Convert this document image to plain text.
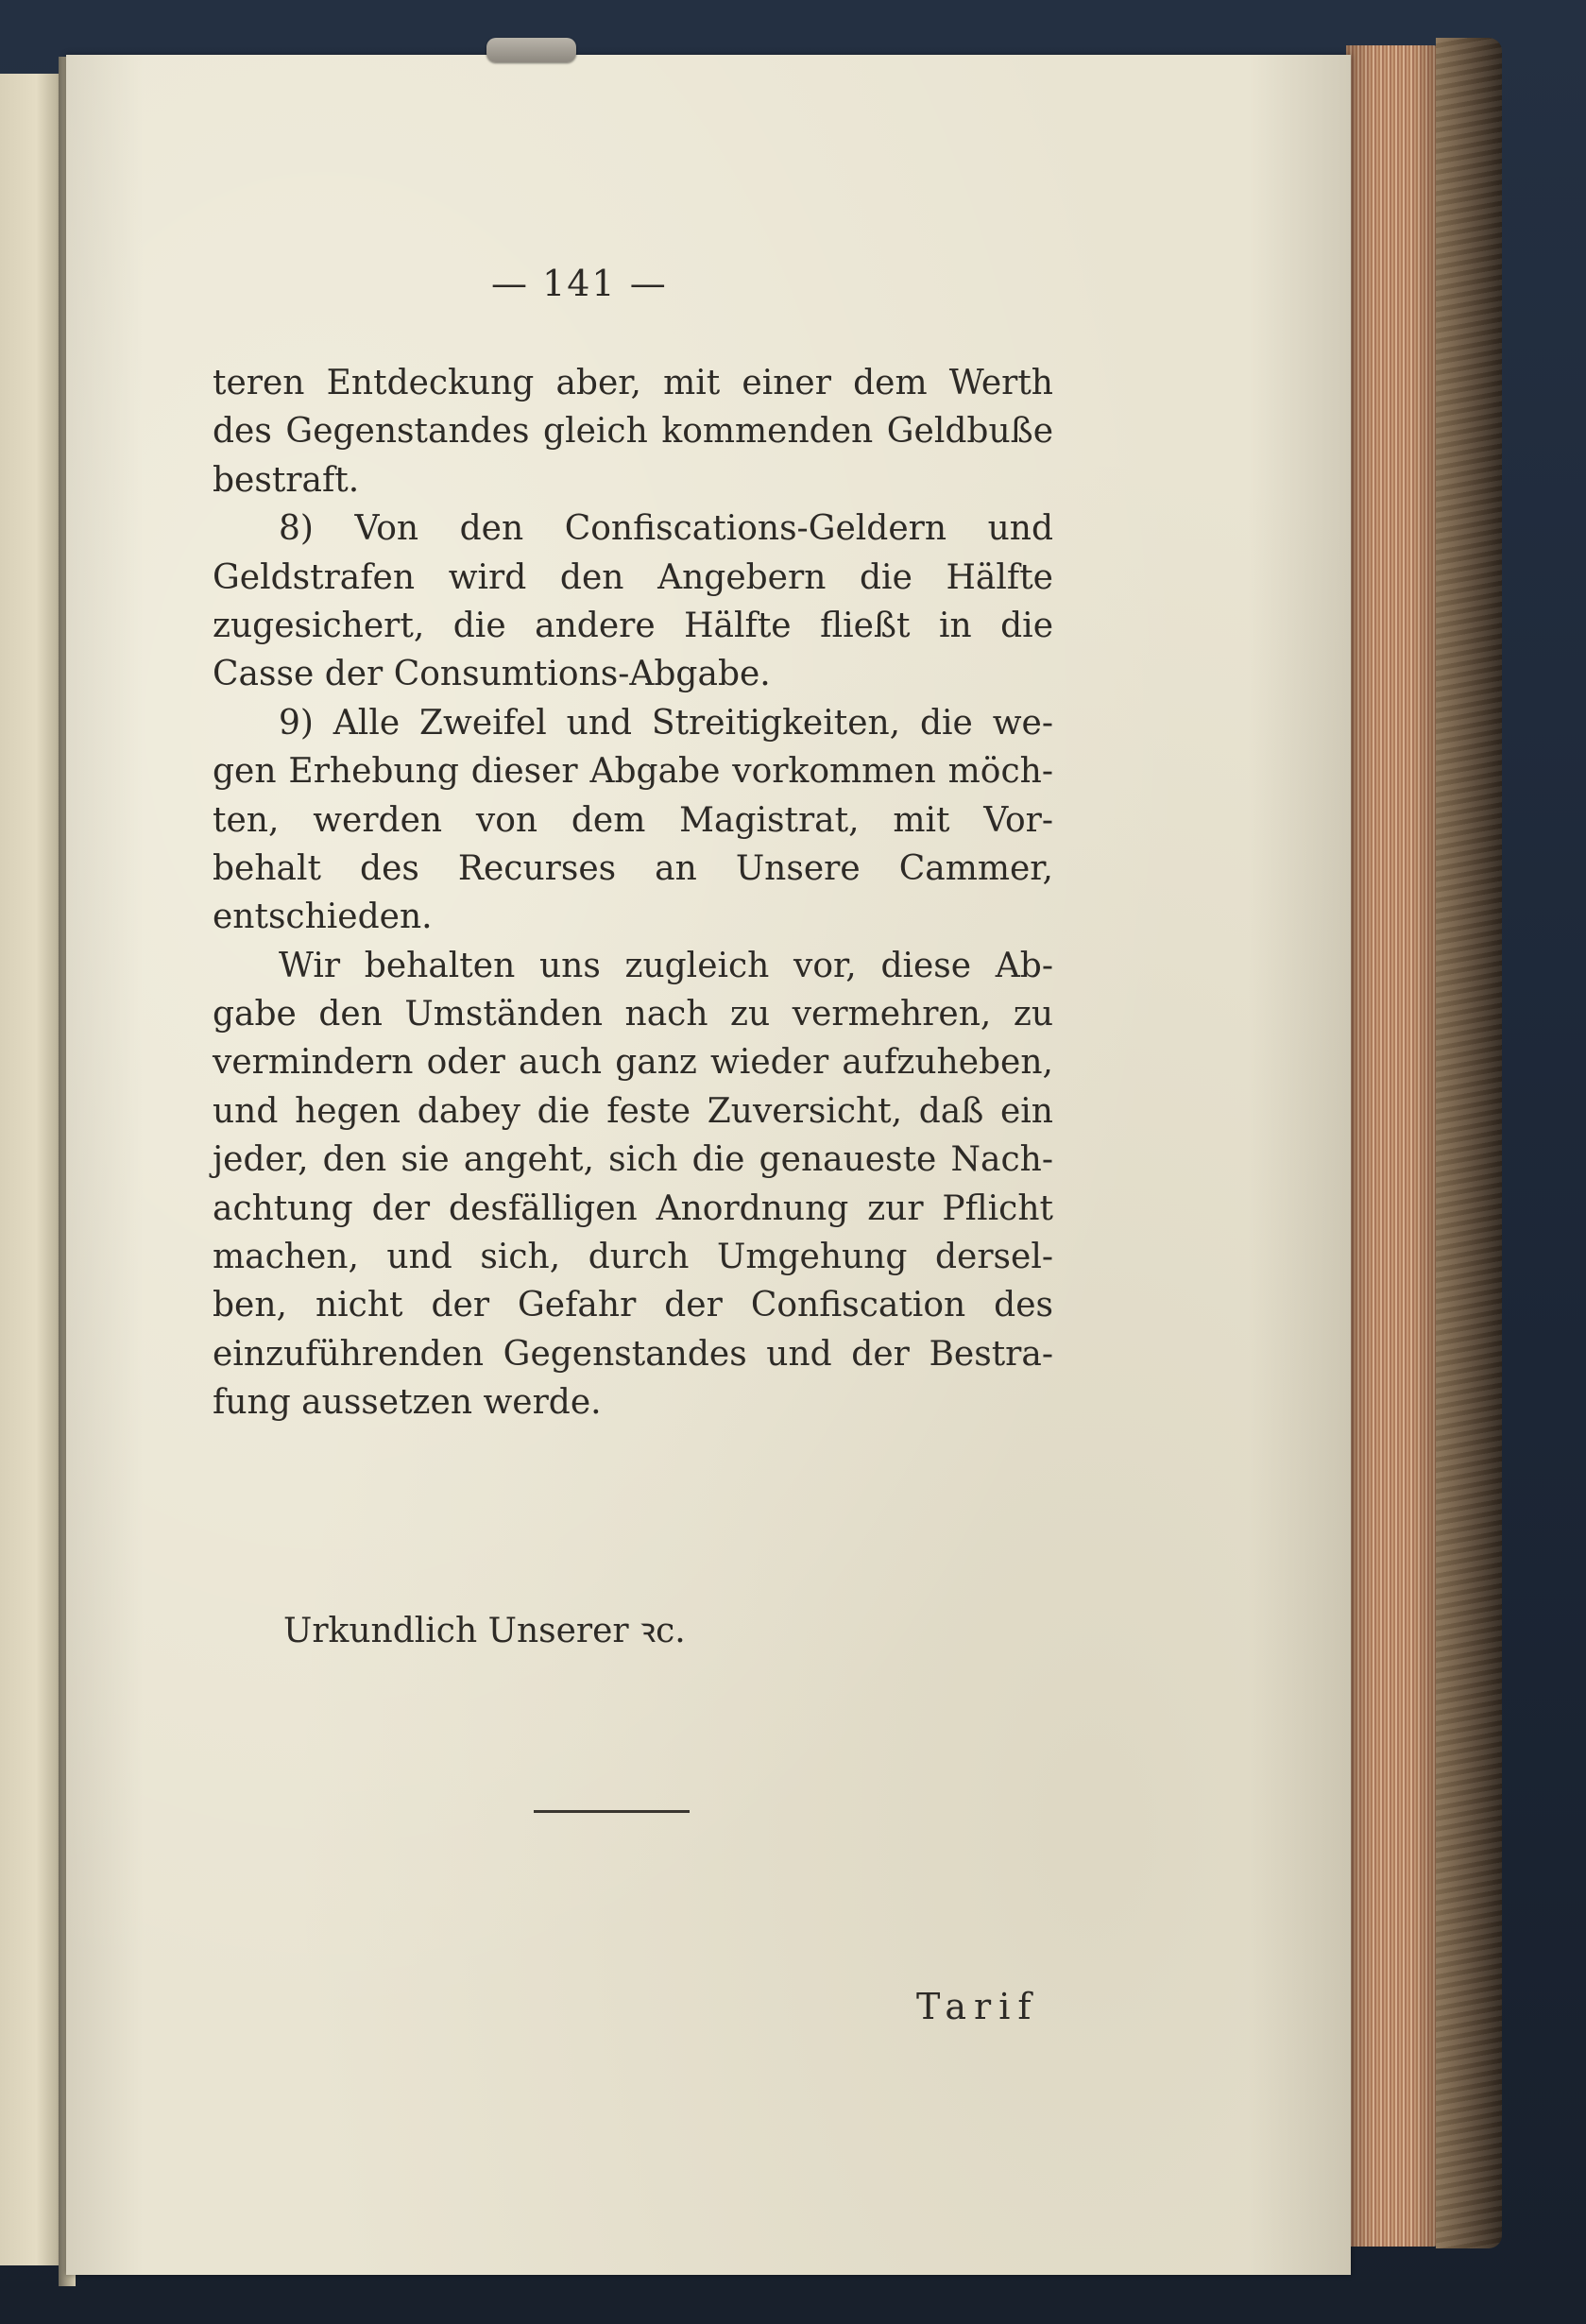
— 141 —
teren Entdeckung aber, mit einer dem Werth
des Gegenstandes gleich kommenden Geldbuße
bestraft.
8) Von den Confiscations-Geldern und
Geldstrafen wird den Angebern die Hälfte
zugesichert, die andere Hälfte fließt in die
Casse der Consumtions-Abgabe.
9) Alle Zweifel und Streitigkeiten, die we-
gen Erhebung dieser Abgabe vorkommen möch-
ten, werden von dem Magistrat, mit Vor-
behalt des Recurses an Unsere Cammer,
entschieden.
Wir behalten uns zugleich vor, diese Ab-
gabe den Umständen nach zu vermehren, zu
vermindern oder auch ganz wieder aufzuheben,
und hegen dabey die feste Zuversicht, daß ein
jeder, den sie angeht, sich die genaueste Nach-
achtung der desfälligen Anordnung zur Pflicht
machen, und sich, durch Umgehung dersel-
ben, nicht der Gefahr der Confiscation des
einzuführenden Gegenstandes und der Bestra-
fung aussetzen werde.
Urkundlich Unserer ꝛc.
Tarif
